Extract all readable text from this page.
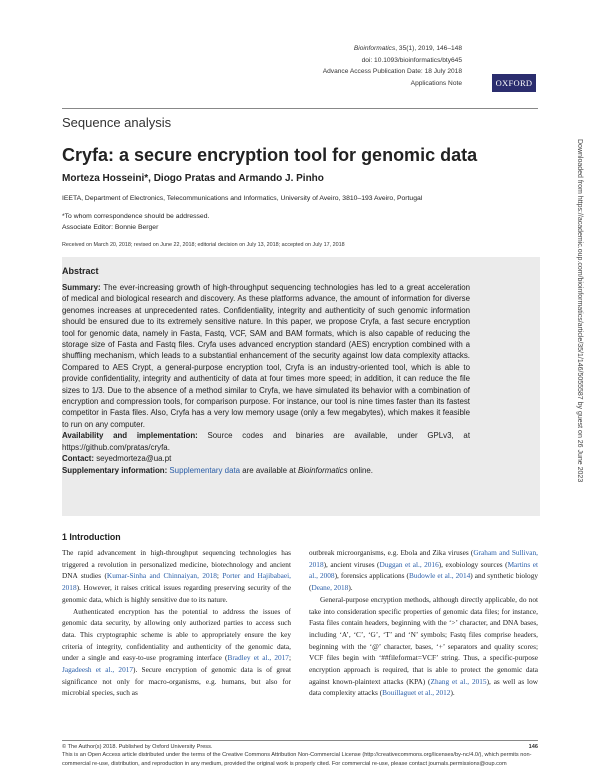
Bioinformatics, 35(1), 2019, 146–148
doi: 10.1093/bioinformatics/bty645
Advance Access Publication Date: 18 July 2018
Applications Note	OXFORD
Sequence analysis
Cryfa: a secure encryption tool for genomic data
Morteza Hosseini*, Diogo Pratas and Armando J. Pinho
IEETA, Department of Electronics, Telecommunications and Informatics, University of Aveiro, 3810–193 Aveiro, Portugal
*To whom correspondence should be addressed.
Associate Editor: Bonnie Berger
Received on March 20, 2018; revised on June 22, 2018; editorial decision on July 13, 2018; accepted on July 17, 2018
Abstract
Summary: The ever-increasing growth of high-throughput sequencing technologies has led to a great acceleration of medical and biological research and discovery. As these platforms advance, the amount of information for diverse genomes increases at unprecedented rates. Confidentiality, integrity and authenticity of such genomic information should be ensured due to its extremely sensitive nature. In this paper, we propose Cryfa, a fast secure encryption tool for genomic data, namely in Fasta, Fastq, VCF, SAM and BAM formats, which is also capable of reducing the storage size of Fasta and Fastq files. Cryfa uses advanced encryption standard (AES) encryption combined with a shuffling mechanism, which leads to a substantial enhancement of the security against low data complexity attacks. Compared to AES Crypt, a general-purpose encryption tool, Cryfa is an industry-oriented tool, which is able to provide confidentiality, integrity and authenticity of data at four times more speed; in addition, it can reduce the file sizes to 1/3. Due to the absence of a method similar to Cryfa, we have simulated its behavior with a combination of encryption and compression tools, for comparison purpose. For instance, our tool is nine times faster than its fastest competitor in Fasta files. Also, Cryfa has a very low memory usage (only a few megabytes), which makes it feasible to run on any computer.
Availability and implementation: Source codes and binaries are available, under GPLv3, at https://github.com/pratas/cryfa.
Contact: seyedmorteza@ua.pt
Supplementary information: Supplementary data are available at Bioinformatics online.
1 Introduction

The rapid advancement in high-throughput sequencing technologies has triggered a revolution in personalized medicine, biotechnology and ancient DNA studies (Kumar-Sinha and Chinnaiyan, 2018; Porter and Hajibabaei, 2018). However, it raises critical issues regarding preserving security of the genomic data, which is highly sensitive due to its nature.

Authenticated encryption has the potential to address the issues of genomic data security, by allowing only authorized parties to access such data. This cryptographic scheme is able to appropriately ensure the key criteria of integrity, confidentiality and authenticity of the genomic data, under a single and easy-to-use programing interface (Bradley et al., 2017; Jagadeesh et al., 2017). Secure encryption of genomic data is of great significance not only for macro-organisms, e.g. humans, but also for microbial species, such as

outbreak microorganisms, e.g. Ebola and Zika viruses (Graham and Sullivan, 2018), ancient viruses (Duggan et al., 2016), exobiology sources (Martins et al., 2008), forensics applications (Budowle et al., 2014) and synthetic biology (Deane, 2018).

General-purpose encryption methods, although directly applicable, do not take into consideration specific properties of genomic data files; for instance, Fasta files contain headers, beginning with the ‘>’ character, and DNA bases, including ‘A’, ‘C’, ‘G’, ‘T’ and ‘N’ symbols; Fastq files comprise headers, beginning with the ‘@’ character, bases, ‘+’ separators and quality scores; VCF files begin with ‘##fileformat=VCF’ string. Thus, a specific-purpose encryption approach is required, that is able to protect the genomic data against known-plaintext attacks (KPA) (Zhang et al., 2015), as well as low data complexity attacks (Bouillaguet et al., 2012).

© The Author(s) 2018. Published by Oxford University Press.	146
This is an Open Access article distributed under the terms of the Creative Commons Attribution Non-Commercial License (http://creativecommons.org/licenses/by-nc/4.0/), which permits non-commercial re-use, distribution, and reproduction in any medium, provided the original work is properly cited. For commercial re-use, please contact journals.permissions@oup.com
Downloaded from https://academic.oup.com/bioinformatics/article/35/1/146/5055587 by guest on 26 June 2023
